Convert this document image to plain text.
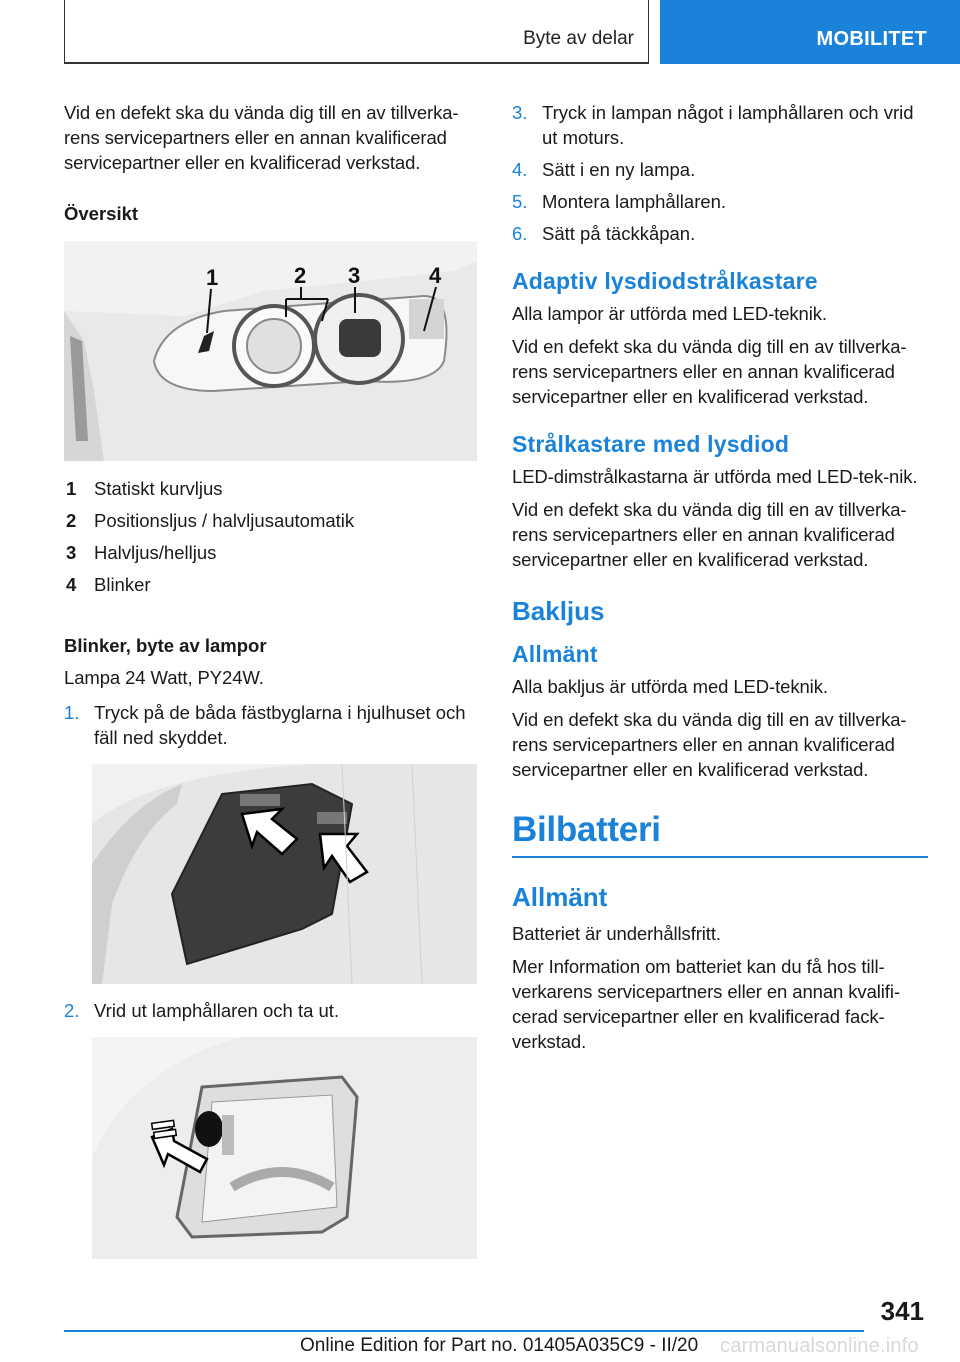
Byte av delar	MOBILITET

Vid en defekt ska du vända dig till en av tillverka-rens servicepartners eller en annan kvalificerad servicepartner eller en kvalificerad verkstad.

Översikt
1	2 3	4
1 Statiskt kurvljus
2 Positionsljus / halvljusautomatik
3 Halvljus/helljus
4 Blinker
Blinker, byte av lampor

Lampa 24 Watt, PY24W.

1. Tryck på de båda fästbyglarna i hjulhuset och fäll ned skyddet.
2. Vrid ut lamphållaren och ta ut.
3. Tryck in lampan något i lamphållaren och vrid ut moturs.
4. Sätt i en ny lampa.
5. Montera lamphållaren.
6. Sätt på täckkåpan.
Adaptiv lysdiodstrålkastare

Alla lampor är utförda med LED-teknik.

Vid en defekt ska du vända dig till en av tillverka-rens servicepartners eller en annan kvalificerad servicepartner eller en kvalificerad verkstad.

Strålkastare med lysdiod

LED-dimstrålkastarna är utförda med LED-tek-nik.

Vid en defekt ska du vända dig till en av tillverka-rens servicepartners eller en annan kvalificerad servicepartner eller en kvalificerad verkstad.

Bakljus
Allmänt

Alla bakljus är utförda med LED-teknik.

Vid en defekt ska du vända dig till en av tillverka-rens servicepartners eller en annan kvalificerad servicepartner eller en kvalificerad verkstad.

Bilbatteri
Allmänt

Batteriet är underhållsfritt.

Mer Information om batteriet kan du få hos till-verkarens servicepartners eller en annan kvalifi-cerad servicepartner eller en kvalificerad fack-verkstad.

341
Online Edition for Part no. 01405A035C9 - II/20 carmanualsonline.info
